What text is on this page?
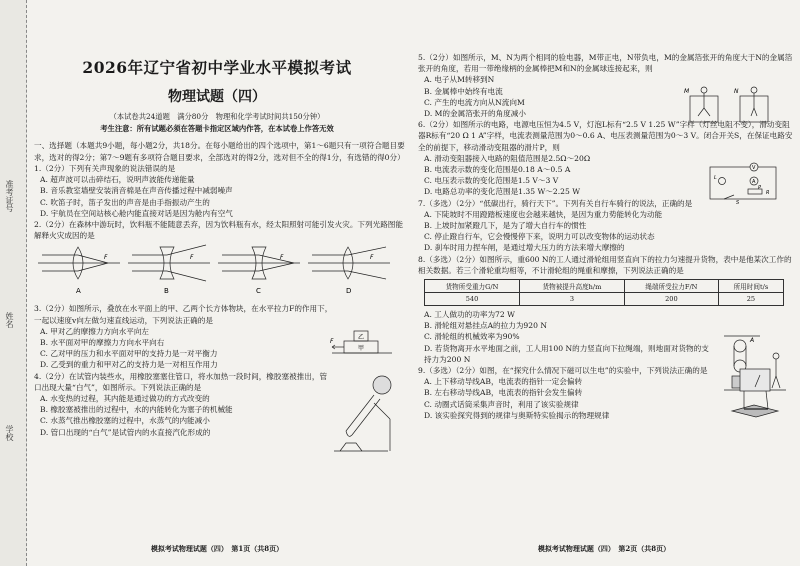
准考证号
姓名
学校
2026年辽宁省初中学业水平模拟考试
物理试题（四）
（本试卷共24道题　满分80分　物理和化学考试时间共150分钟）
考生注意：所有试题必须在答题卡指定区域内作答，在本试卷上作答无效
一、选择题（本题共9小题，每小题2分，共18分。在每小题给出的四个选项中，第1～6题只有一项符合题目要求，选对的得2分；第7～9题有多项符合题目要求，全部选对的得2分，选对但不全的得1分，有选错的得0分）
1.（2分）下列有关声现象的说法错误的是
A. 超声波可以击碎结石，说明声波能传递能量
B. 音乐教室墙壁安装消音棉是在声音传播过程中减弱噪声
C. 吹笛子时，笛子发出的声音是由手指振动产生的
D. 宇航员在空间站核心舱内能直接对话是因为舱内有空气
2.（2分）在森林中游玩时，饮料瓶不能随意丢弃，因为饮料瓶有水，经太阳照射可能引发火灾。下列光路图能解释火灾成因的是
F	F	F	F
A	B	C	D
3.（2分）如图所示，叠放在水平面上的甲、乙两个长方体物块，在水平拉力F的作用下，一起以速度v向左做匀速直线运动，下列说法正确的是
A. 甲对乙的摩擦力方向水平向左
B. 水平面对甲的摩擦力方向水平向右
C. 乙对甲的压力和水平面对甲的支持力是一对平衡力
D. 乙受到的重力和甲对乙的支持力是一对相互作用力
乙
甲
F
4.（2分）在试管内装些水，用橡胶塞塞住管口，将水加热一段时间，橡胶塞被推出，管口出现大量“白气”，如图所示。下列说法正确的是
A. 水变热的过程，其内能是通过做功的方式改变的
B. 橡胶塞被推出的过程中，水的内能转化为塞子的机械能
C. 水蒸气推出橡胶塞的过程中，水蒸气的内能减小
D. 管口出现的“白气”是试管内的水直接汽化形成的
模拟考试物理试题（四）　第1页（共8页）
5.（2分）如图所示，M、N为两个相同的验电器，M带正电，N带负电，M的金属箔张开的角度大于N的金属箔张开的角度，若用一带绝缘柄的金属棒把M和N的金属球连接起来，则
A. 电子从M转移到N
B. 金属棒中始终有电流
C. 产生的电流方向从N流向M
D. M的金属箔张开的角度减小
M	N
6.（2分）如图所示的电路，电源电压恒为4.5 V，灯泡L标有“2.5 V 1.25 W”字样（灯丝电阻不变），滑动变阻器R标有“20 Ω 1 A”字样，电流表测量范围为0～0.6 A、电压表测量范围为0～3 V。闭合开关S，在保证电路安全的前提下，移动滑动变阻器的滑片P，则
A. 滑动变阻器接入电路的阻值范围是2.5Ω～20Ω
B. 电流表示数的变化范围是0.18 A～0.5 A
C. 电压表示数的变化范围是1.5 V～3 V
D. 电路总功率的变化范围是1.35 W～2.25 W
V
A
L
R
P
S
7.（多选）（2分）“低碳出行，骑行天下”。下列有关自行车骑行的说法，正确的是
A. 下陡坡时不用蹬踏板速度也会越来越快，是因为重力势能转化为动能
B. 上坡时加紧蹬几下，是为了增大自行车的惯性
C. 停止蹬自行车，它会慢慢停下来，说明力可以改变物体的运动状态
D. 刹车时用力捏车闸，是通过增大压力的方法来增大摩擦的
8.（多选）（2分）如图所示，重600 N的工人通过滑轮组用竖直向下的拉力匀速提升货物，表中是他某次工作的相关数据。若三个滑轮重均相等，不计滑轮组的绳重和摩擦，下列说法正确的是
货物所受重力G/N	货物被提升高度h/m	绳端所受拉力F/N	所用时间t/s
540	3	200	25
A. 工人做功的功率为72 W
B. 滑轮组对悬挂点A的拉力为920 N
C. 滑轮组的机械效率为90%
D. 若货物离开水平地面之前，工人用100 N的力竖直向下拉绳端，则地面对货物的支持力为200 N
A
9.（多选）（2分）如图，在“探究什么情况下磁可以生电”的实验中，下列说法正确的是
A. 上下移动导线AB，电流表的指针一定会偏转
B. 左右移动导线AB，电流表的指针会发生偏转
C. 动圈式话筒采集声音时，利用了该实验规律
D. 该实验探究得到的规律与奥斯特实验揭示的物理规律
模拟考试物理试题（四）　第2页（共8页）
